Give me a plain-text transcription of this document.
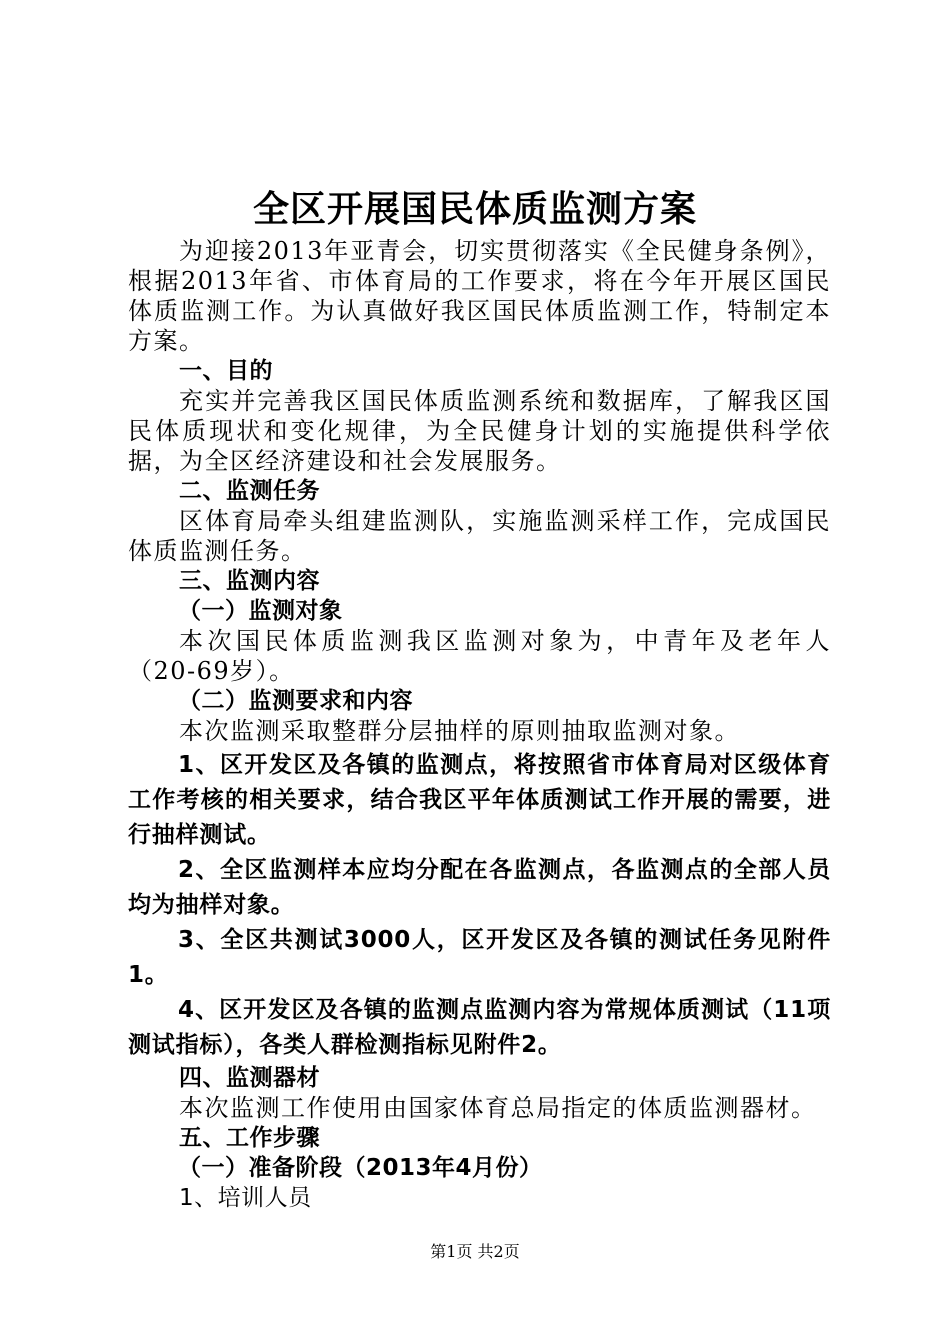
全区开展国民体质监测方案

为迎接2013年亚青会，切实贯彻落实《全民健身条例》，根据2013年省、市体育局的工作要求，将在今年开展区国民体质监测工作。为认真做好我区国民体质监测工作，特制定本方案。

一、目的

充实并完善我区国民体质监测系统和数据库，了解我区国民体质现状和变化规律，为全民健身计划的实施提供科学依据，为全区经济建设和社会发展服务。

二、监测任务

区体育局牵头组建监测队，实施监测采样工作，完成国民体质监测任务。

三、监测内容

（一）监测对象

本次国民体质监测我区监测对象为，中青年及老年人（20-69岁）。

（二）监测要求和内容

本次监测采取整群分层抽样的原则抽取监测对象。

1、区开发区及各镇的监测点，将按照省市体育局对区级体育工作考核的相关要求，结合我区平年体质测试工作开展的需要，进行抽样测试。

2、全区监测样本应均分配在各监测点，各监测点的全部人员均为抽样对象。

3、全区共测试3000人，区开发区及各镇的测试任务见附件1。

4、区开发区及各镇的监测点监测内容为常规体质测试（11项测试指标），各类人群检测指标见附件2。

四、监测器材

本次监测工作使用由国家体育总局指定的体质监测器材。

五、工作步骤

（一）准备阶段（2013年4月份）

1、培训人员

第1页 共2页
